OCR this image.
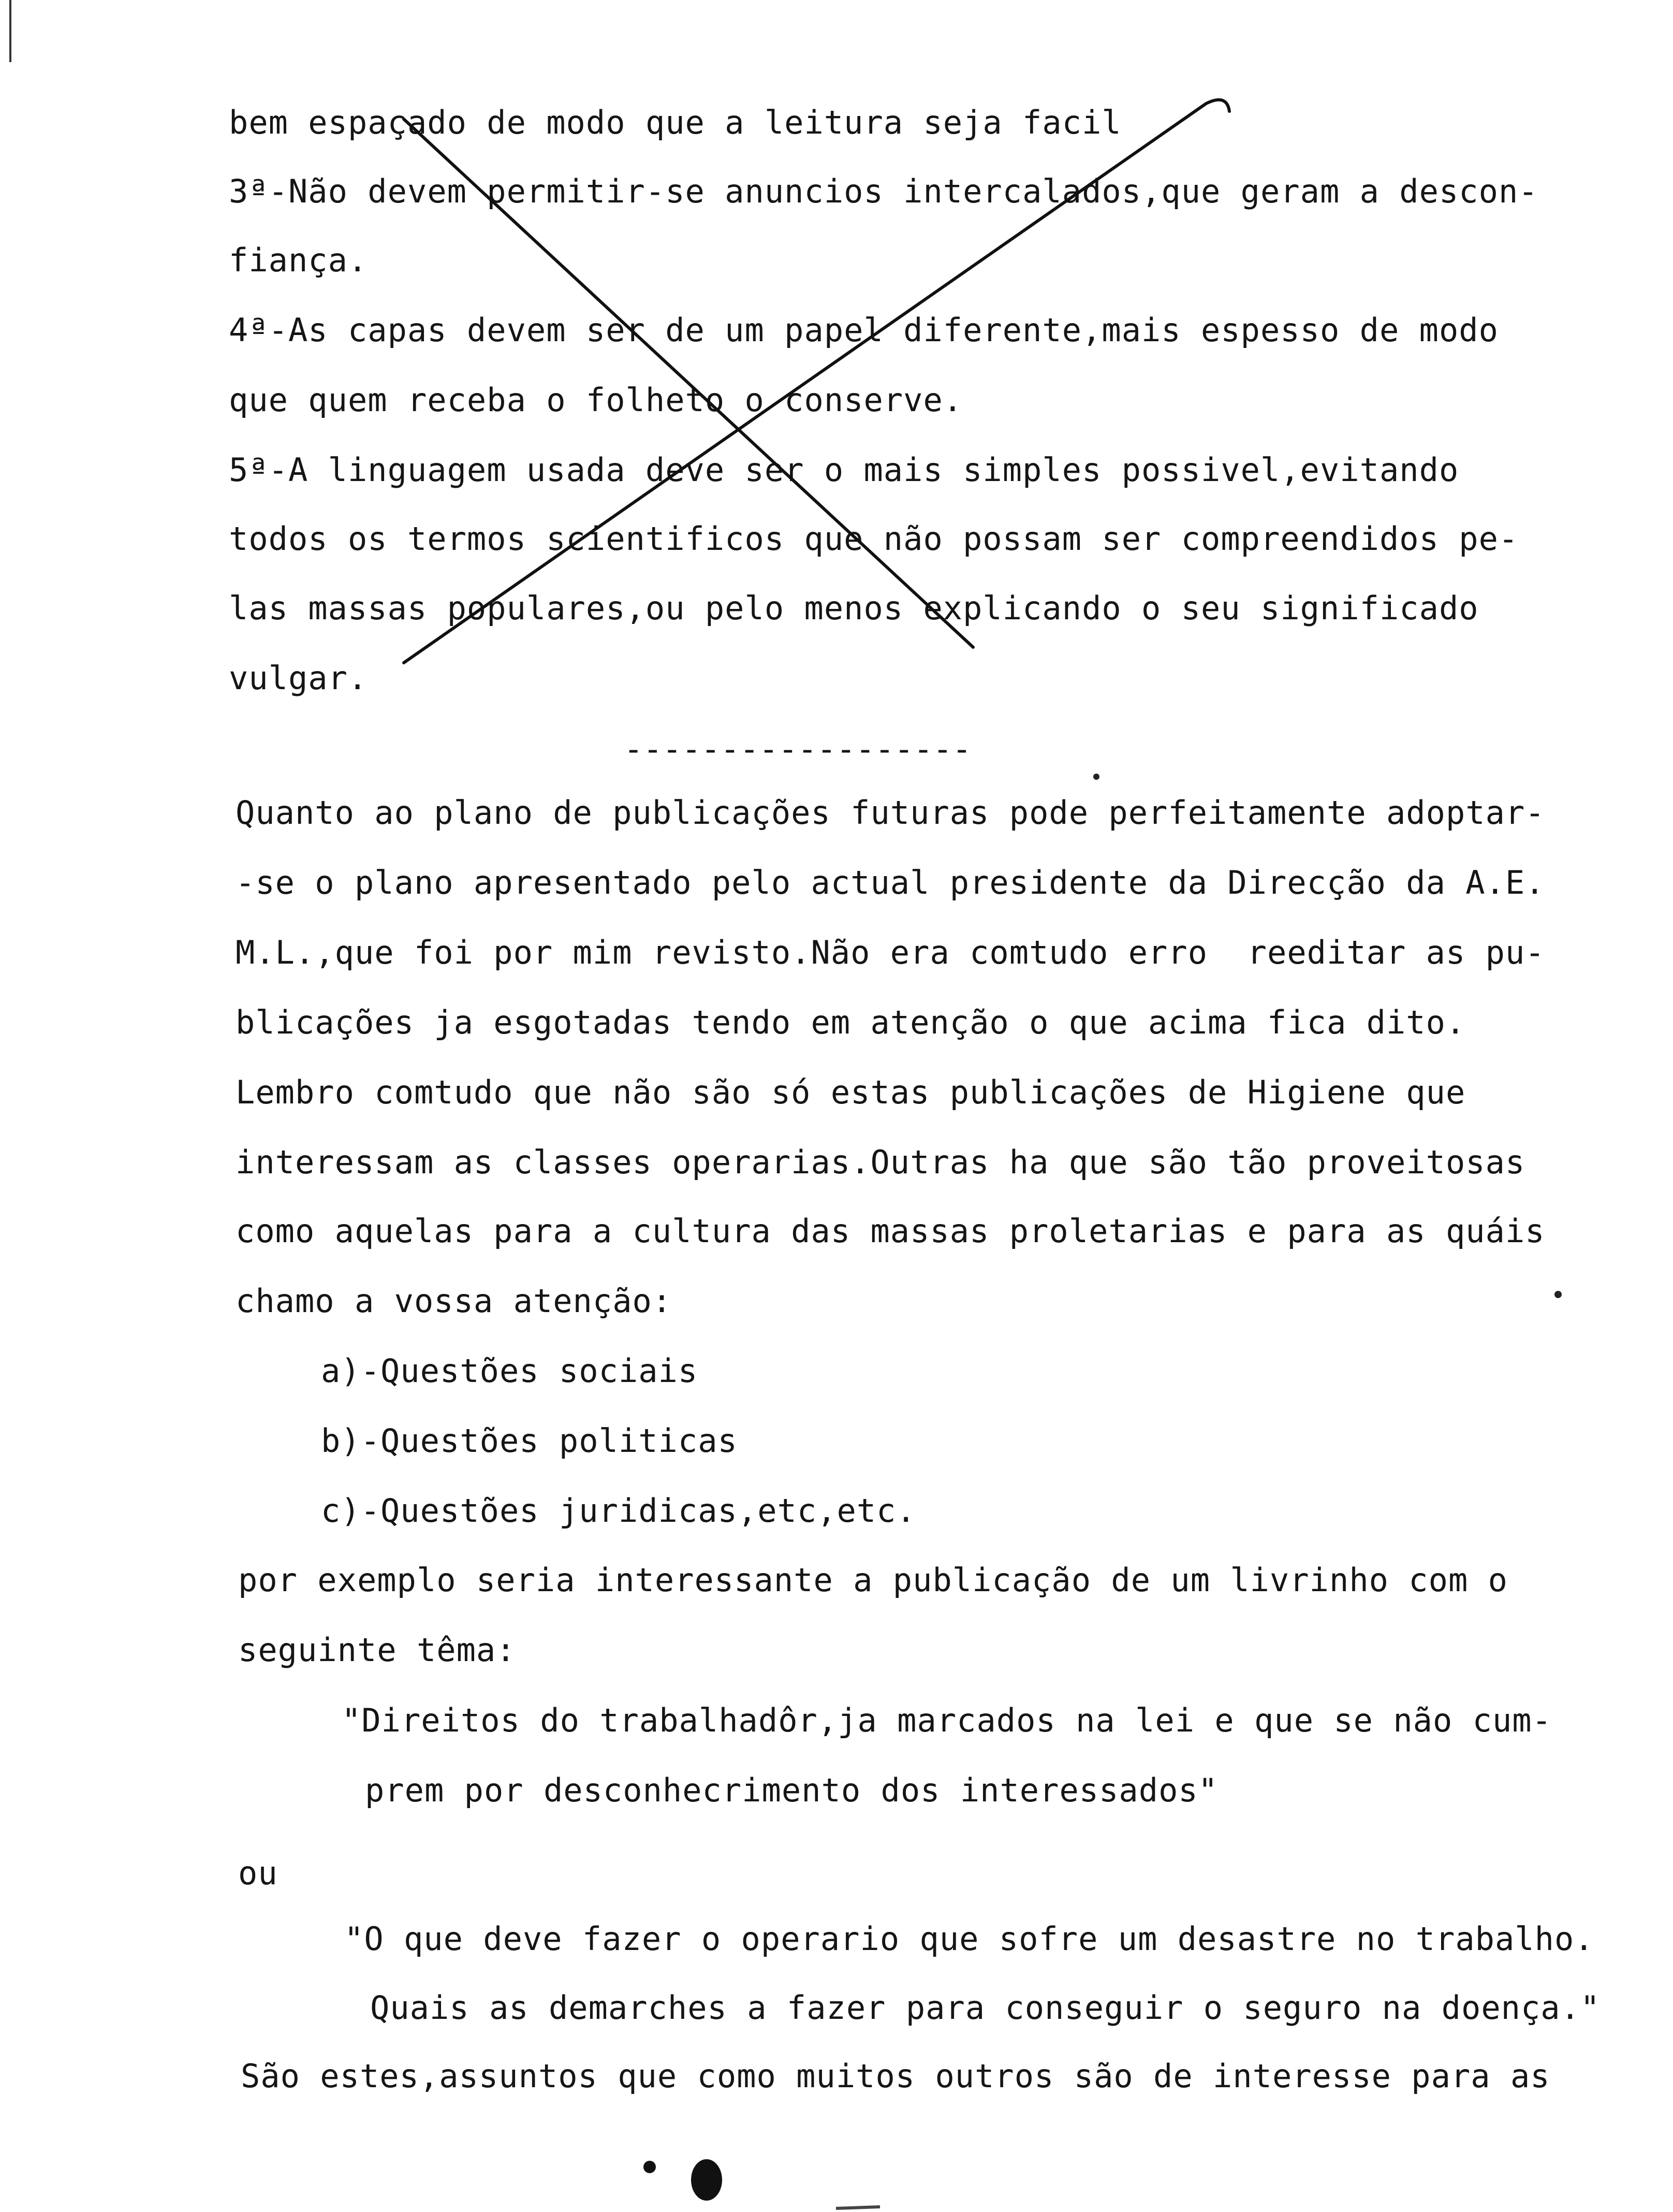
bem espaçado de modo que a leitura seja facil
3ª-Não devem permitir-se anuncios intercalados,que geram a descon-
fiança.
4ª-As capas devem ser de um papel diferente,mais espesso de modo
que quem receba o folheto o conserve.
5ª-A linguagem usada deve ser o mais simples possivel,evitando
todos os termos scientificos que não possam ser compreendidos pe-
las massas populares,ou pelo menos explicando o seu significado
vulgar.
------------------
Quanto ao plano de publicações futuras pode perfeitamente adoptar-
-se o plano apresentado pelo actual presidente da Direcção da A.E.
M.L.,que foi por mim revisto.Não era comtudo erro  reeditar as pu-
blicações ja esgotadas tendo em atenção o que acima fica dito.
Lembro comtudo que não são só estas publicações de Higiene que
interessam as classes operarias.Outras ha que são tão proveitosas
como aquelas para a cultura das massas proletarias e para as quáis
chamo a vossa atenção:
a)-Questões sociais
b)-Questões politicas
c)-Questões juridicas,etc,etc.
por exemplo seria interessante a publicação de um livrinho com o
seguinte têma:
"Direitos do trabalhadôr,ja marcados na lei e que se não cum-
prem por desconhecrimento dos interessados"
ou
"O que deve fazer o operario que sofre um desastre no trabalho.
Quais as demarches a fazer para conseguir o seguro na doença."
São estes,assuntos que como muitos outros são de interesse para as
